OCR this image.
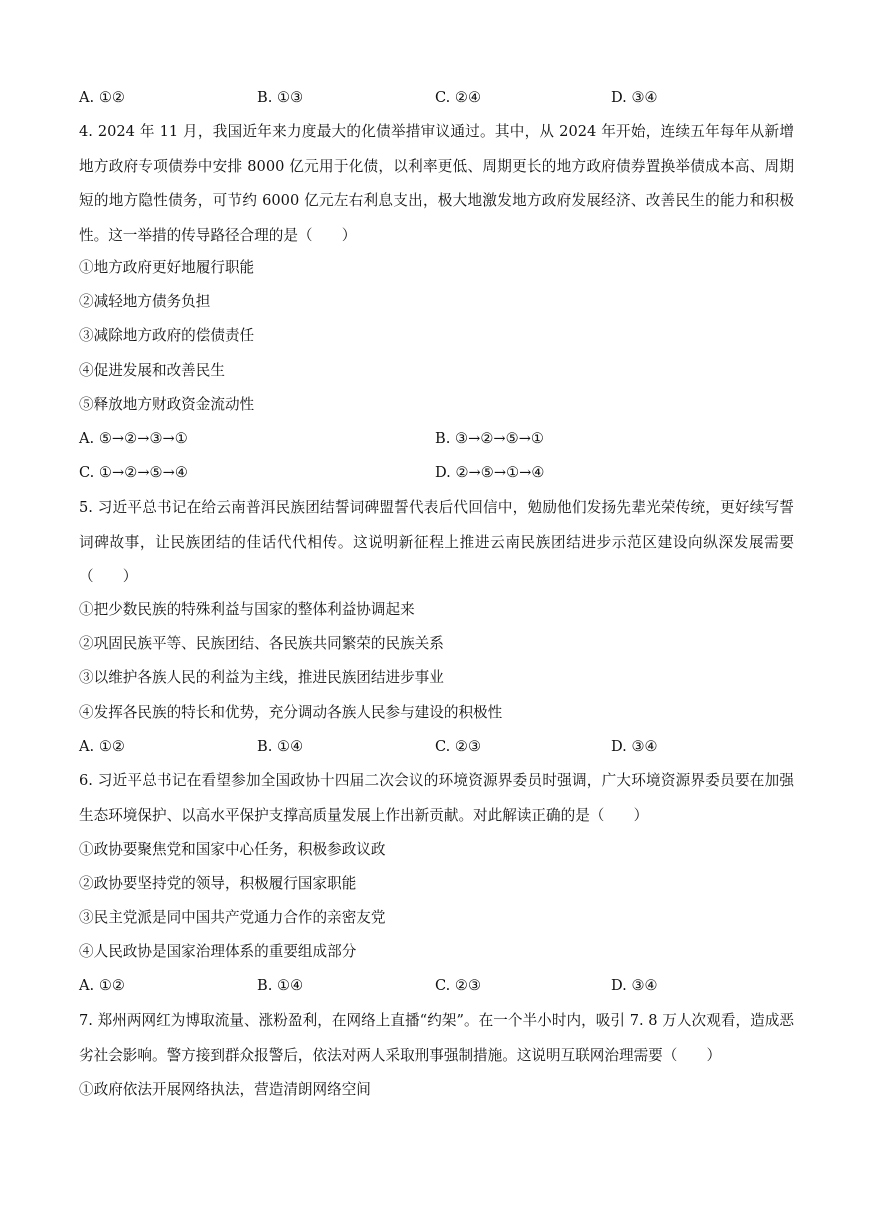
A. ①②	B. ①③	C. ②④	D. ③④
4. 2024 年 11 月，我国近年来力度最大的化债举措审议通过。其中，从 2024 年开始，连续五年每年从新增地方政府专项债券中安排 8000 亿元用于化债，以利率更低、周期更长的地方政府债券置换举债成本高、周期短的地方隐性债务，可节约 6000 亿元左右利息支出，极大地激发地方政府发展经济、改善民生的能力和积极性。这一举措的传导路径合理的是（　　）
①地方政府更好地履行职能
②减轻地方债务负担
③减除地方政府的偿债责任
④促进发展和改善民生
⑤释放地方财政资金流动性
A. ⑤→②→③→①	B. ③→②→⑤→①
C. ①→②→⑤→④	D. ②→⑤→①→④
5. 习近平总书记在给云南普洱民族团结誓词碑盟誓代表后代回信中，勉励他们发扬先辈光荣传统，更好续写誓词碑故事，让民族团结的佳话代代相传。这说明新征程上推进云南民族团结进步示范区建设向纵深发展需要（　　）
①把少数民族的特殊利益与国家的整体利益协调起来
②巩固民族平等、民族团结、各民族共同繁荣的民族关系
③以维护各族人民的利益为主线，推进民族团结进步事业
④发挥各民族的特长和优势，充分调动各族人民参与建设的积极性
A. ①②	B. ①④	C. ②③	D. ③④
6. 习近平总书记在看望参加全国政协十四届二次会议的环境资源界委员时强调，广大环境资源界委员要在加强生态环境保护、以高水平保护支撑高质量发展上作出新贡献。对此解读正确的是（　　）
①政协要聚焦党和国家中心任务，积极参政议政
②政协要坚持党的领导，积极履行国家职能
③民主党派是同中国共产党通力合作的亲密友党
④人民政协是国家治理体系的重要组成部分
A. ①②	B. ①④	C. ②③	D. ③④
7. 郑州两网红为博取流量、涨粉盈利，在网络上直播“约架”。在一个半小时内，吸引 7. 8 万人次观看，造成恶劣社会影响。警方接到群众报警后，依法对两人采取刑事强制措施。这说明互联网治理需要（　　）
①政府依法开展网络执法，营造清朗网络空间
